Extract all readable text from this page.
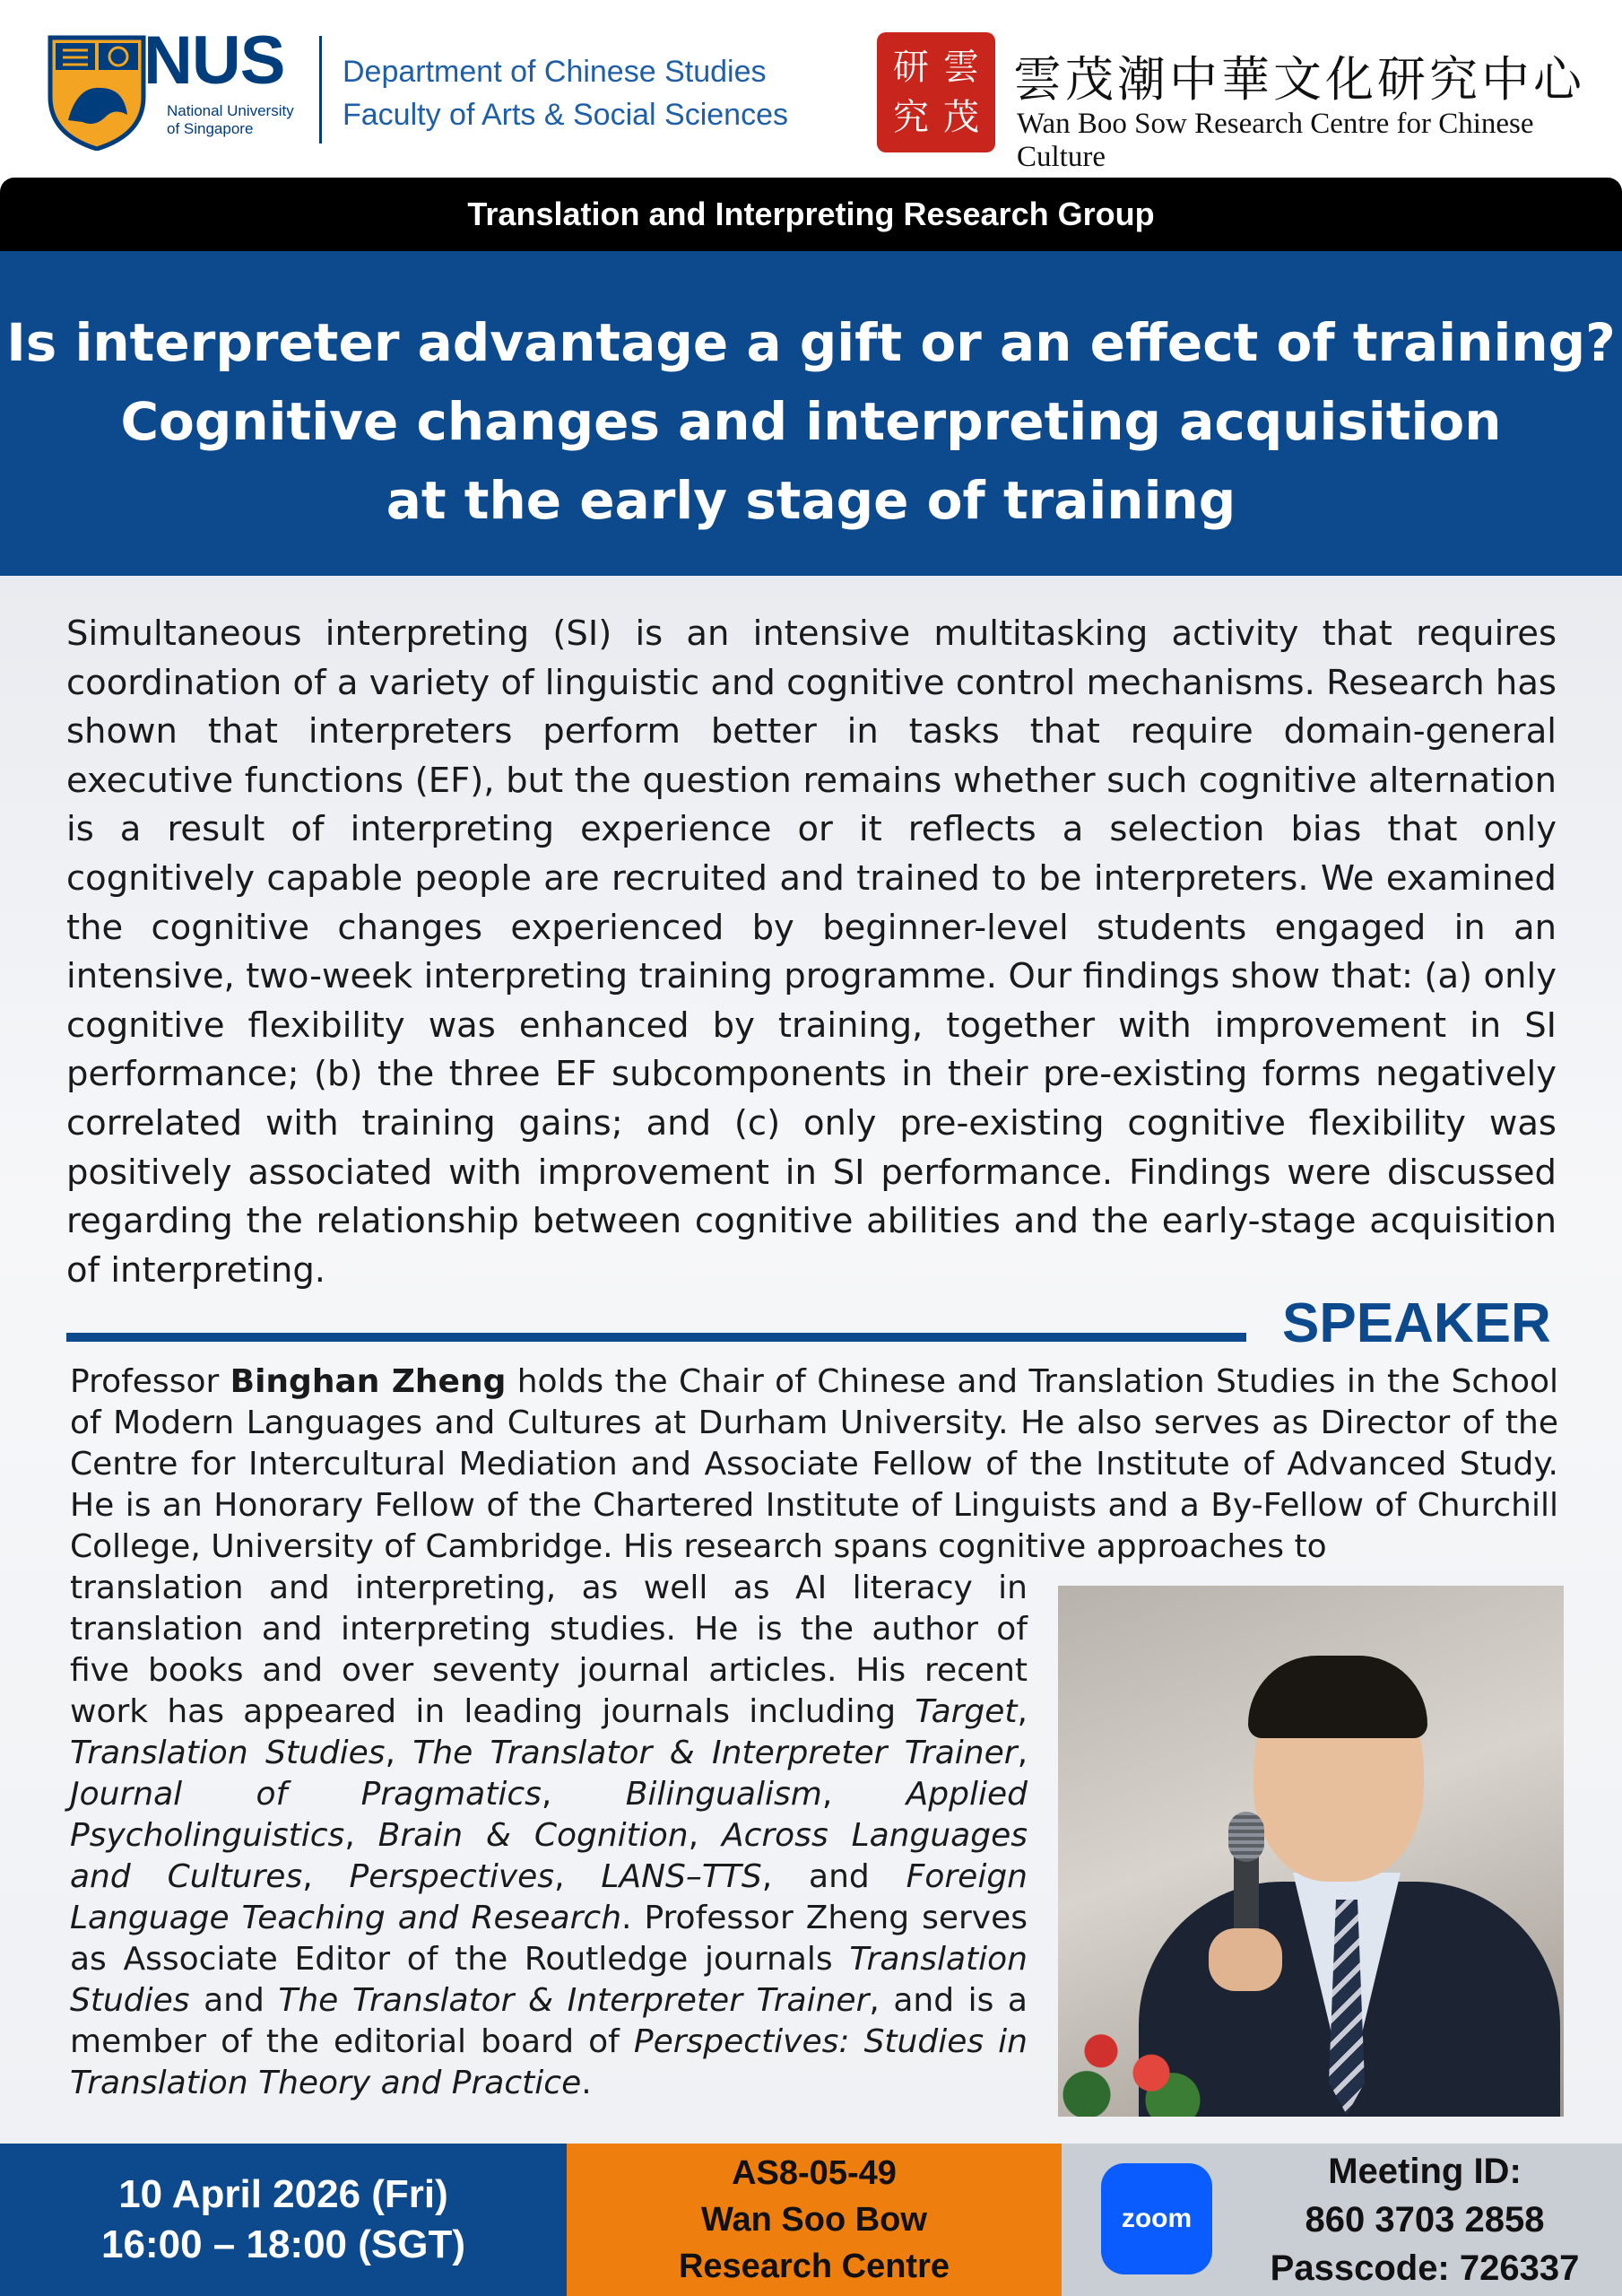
NUS
National University
of Singapore
Department of Chinese Studies
Faculty of Arts & Social Sciences
研 雲
究 茂
雲茂潮中華文化研究中心
Wan Boo Sow Research Centre for Chinese Culture
Translation and Interpreting Research Group
Is interpreter advantage a gift or an effect of training?
Cognitive changes and interpreting acquisition
at the early stage of training
Simultaneous interpreting (SI) is an intensive multitasking activity that requires coordination of a variety of linguistic and cognitive control mechanisms. Research has shown that interpreters perform better in tasks that require domain-general executive functions (EF), but the question remains whether such cognitive alternation is a result of interpreting experience or it reflects a selection bias that only cognitively capable people are recruited and trained to be interpreters. We examined the cognitive changes experienced by beginner-level students engaged in an intensive, two-week interpreting training programme. Our findings show that: (a) only cognitive flexibility was enhanced by training, together with improvement in SI performance; (b) the three EF subcomponents in their pre-existing forms negatively correlated with training gains; and (c) only pre-existing cognitive flexibility was positively associated with improvement in SI performance. Findings were discussed regarding the relationship between cognitive abilities and the early-stage acquisition of interpreting.
SPEAKER
Professor Binghan Zheng holds the Chair of Chinese and Translation Studies in the School of Modern Languages and Cultures at Durham University. He also serves as Director of the Centre for Intercultural Mediation and Associate Fellow of the Institute of Advanced Study. He is an Honorary Fellow of the Chartered Institute of Linguists and a By-Fellow of Churchill College, University of Cambridge. His research spans cognitive approaches to
translation and interpreting, as well as AI literacy in translation and interpreting studies. He is the author of five books and over seventy journal articles. His recent work has appeared in leading journals including Target, Translation Studies, The Translator & Interpreter Trainer, Journal of Pragmatics, Bilingualism, Applied Psycholinguistics, Brain & Cognition, Across Languages and Cultures, Perspectives, LANS–TTS, and Foreign Language Teaching and Research. Professor Zheng serves as Associate Editor of the Routledge journals Translation Studies and The Translator & Interpreter Trainer, and is a member of the editorial board of Perspectives: Studies in Translation Theory and Practice.
10 April 2026 (Fri)
16:00 – 18:00 (SGT)
AS8-05-49
Wan Soo Bow
Research Centre
zoom
Meeting ID:
860 3703 2858
Passcode: 726337
